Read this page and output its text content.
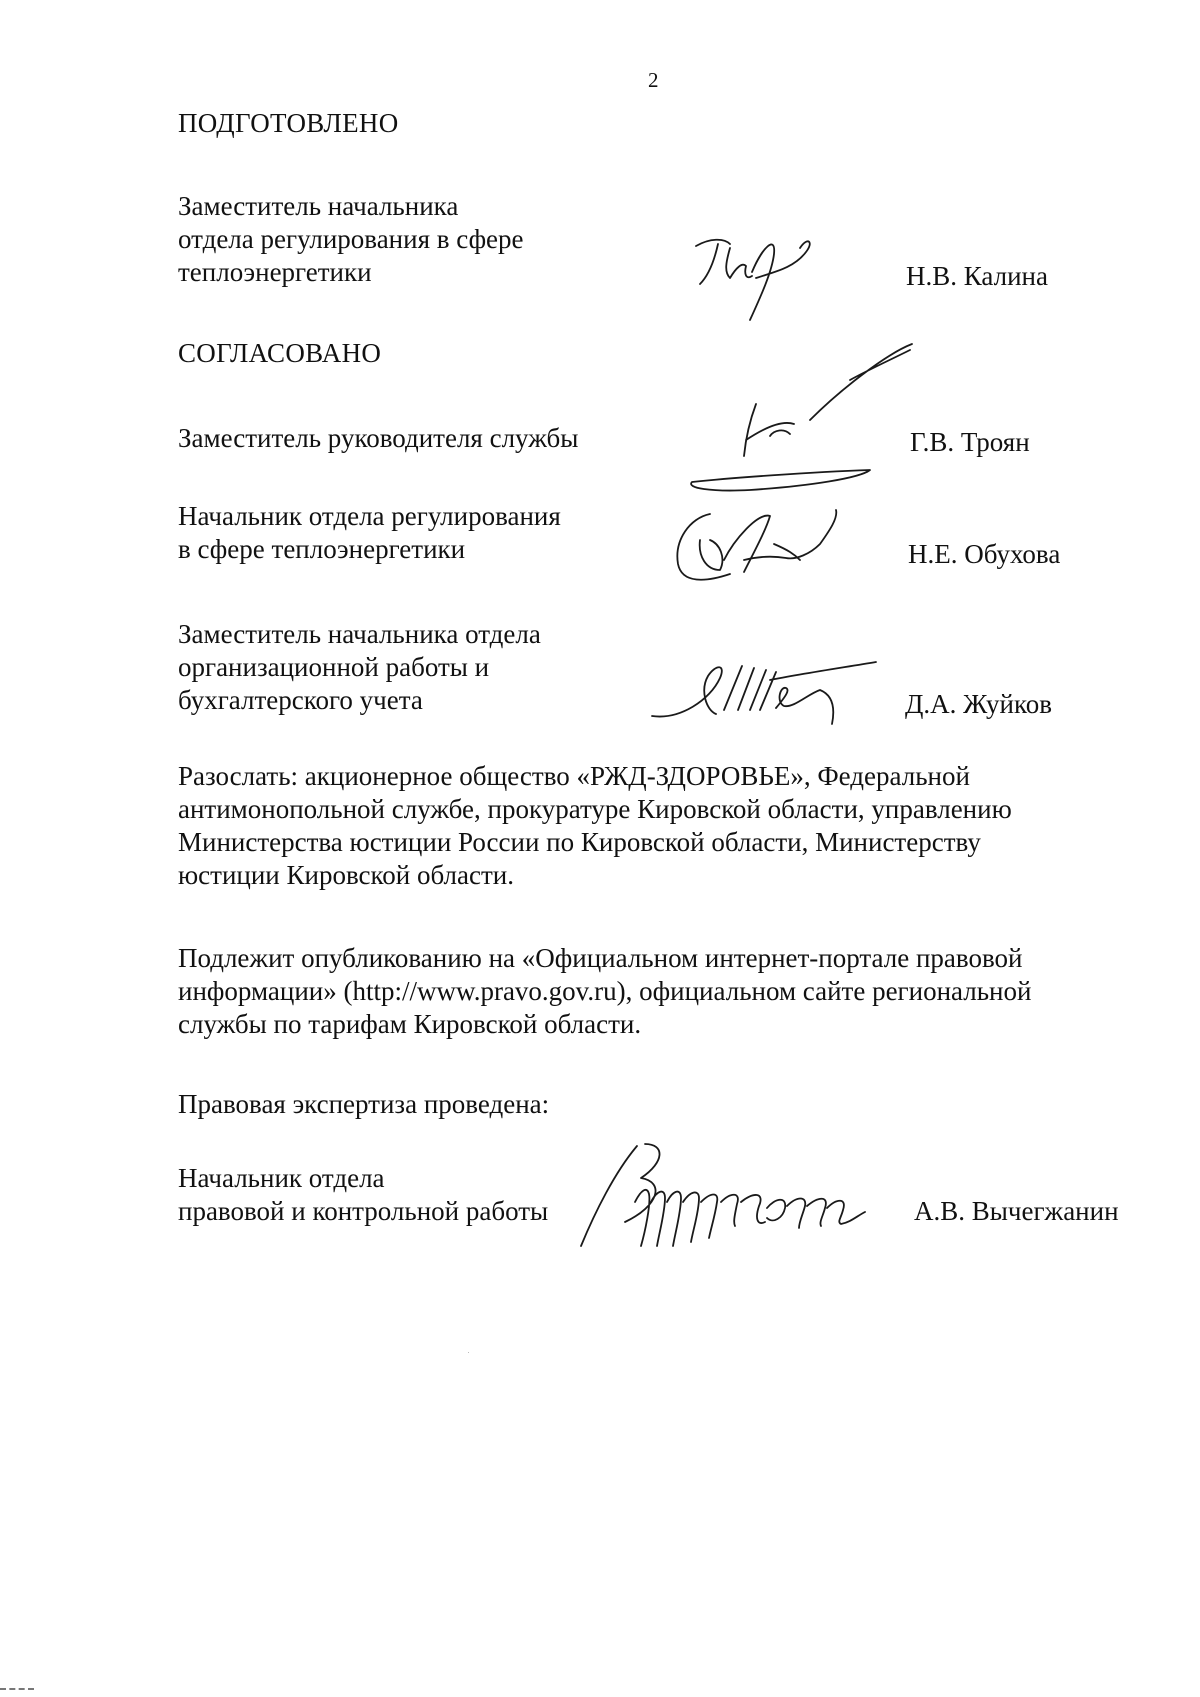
2
ПОДГОТОВЛЕНО
Заместитель начальника
отдела регулирования в сфере
теплоэнергетики	Н.В. Калина
СОГЛАСОВАНО
Заместитель руководителя службы	Г.В. Троян
Начальник отдела регулирования
в сфере теплоэнергетики	Н.Е. Обухова
Заместитель начальника отдела
организационной работы и
бухгалтерского учета	Д.А. Жуйков
Разослать: акционерное общество «РЖД-ЗДОРОВЬЕ», Федеральной
антимонопольной службе, прокуратуре Кировской области, управлению
Министерства юстиции России по Кировской области, Министерству
юстиции Кировской области.
Подлежит опубликованию на «Официальном интернет-портале правовой
информации» (http://www.pravo.gov.ru), официальном сайте региональной
службы по тарифам Кировской области.
Правовая экспертиза проведена:
Начальник отдела
правовой и контрольной работы	А.В. Вычегжанин
